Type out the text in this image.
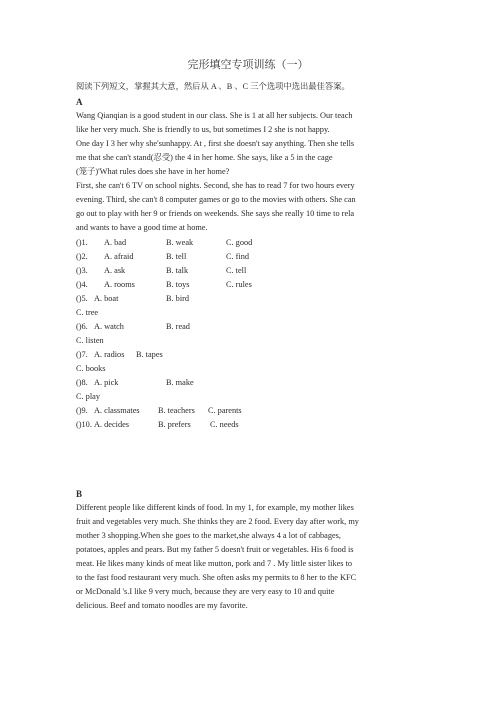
完形填空专项训练（一）
阅读下列短文，掌握其大意，然后从 A 、B 、C 三个选项中选出最佳答案。
A
Wang Qianqian is a good student in our class. She is 1 at all her subjects. Our teach
like her very much. She is friendly to us, but sometimes I 2 she is not happy.
One day I 3 her why she'sunhappy. At , first she doesn't say anything. Then she tells
me that she can't stand(忍受) the 4 in her home. She says, like a 5 in the cage
(笼子)'What rules does she have in her home?
First, she can't 6 TV on school nights. Second, she has to read 7 for two hours every
evening. Third, she can't 8 computer games or go to the movies with others. She can
go out to play with her 9 or friends on weekends. She says she really 10 time to rela
and wants to have a good time at home.
()1. A. bad	B. weak	C. good
()2. A. afraid	B. tell	C. find
()3. A. ask	B. talk	C. tell
()4. A. rooms	B. toys	C. rules
()5. A. boat	B. bird
C. tree
()6. A. watch	B. read
C. listen
()7. A. radios B. tapes
C. books
()8. A. pick	B. make
C. play
()9. A. classmates B. teachers C. parents
()10. A. decides	B. prefers C. needs
B
Different people like different kinds of food. In my 1, for example, my mother likes
fruit and vegetables very much. She thinks they are 2 food. Every day after work, my
mother 3 shopping.When she goes to the market,she always 4 a lot of cabbages,
potatoes, apples and pears. But my father 5 doesn't fruit or vegetables. His 6 food is
meat. He likes many kinds of meat like mutton, pork and 7 . My little sister likes to
to the fast food restaurant very much. She often asks my permits to 8 her to the KFC
or McDonald 's.I like 9 very much, because they are very easy to 10 and quite
delicious. Beef and tomato noodles are my favorite.
